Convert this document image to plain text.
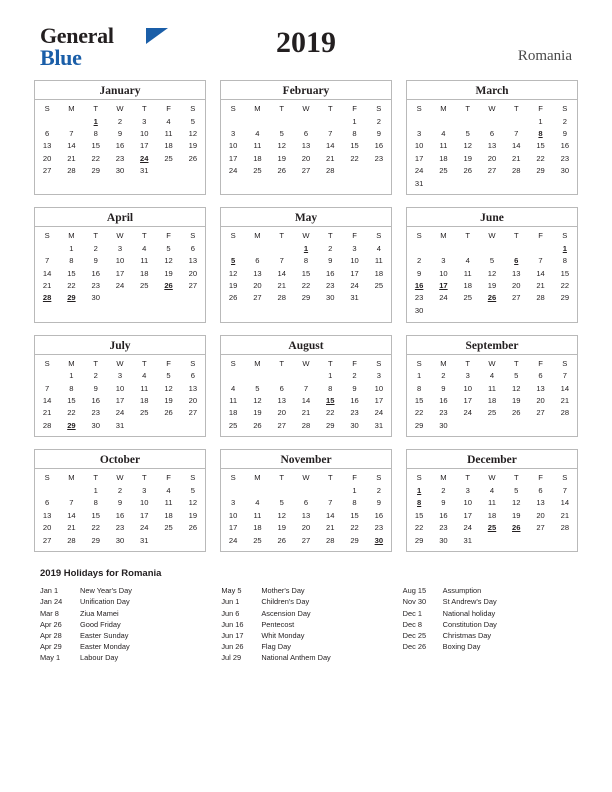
General
Blue	2019	Romania
January
S	M	T	W	T	F	S
		1	2	3	4	5
6	7	8	9	10	11	12
13	14	15	16	17	18	19
20	21	22	23	24	25	26
27	28	29	30	31		
February
S	M	T	W	T	F	S
					1	2
3	4	5	6	7	8	9
10	11	12	13	14	15	16
17	18	19	20	21	22	23
24	25	26	27	28		
March
S	M	T	W	T	F	S
					1	2
3	4	5	6	7	8	9
10	11	12	13	14	15	16
17	18	19	20	21	22	23
24	25	26	27	28	29	30
31						
April
S	M	T	W	T	F	S
	1	2	3	4	5	6
7	8	9	10	11	12	13
14	15	16	17	18	19	20
21	22	23	24	25	26	27
28	29	30				
May
S	M	T	W	T	F	S
			1	2	3	4
5	6	7	8	9	10	11
12	13	14	15	16	17	18
19	20	21	22	23	24	25
26	27	28	29	30	31	
June
S	M	T	W	T	F	S
						1
2	3	4	5	6	7	8
9	10	11	12	13	14	15
16	17	18	19	20	21	22
23	24	25	26	27	28	29
30						
July
S	M	T	W	T	F	S
	1	2	3	4	5	6
7	8	9	10	11	12	13
14	15	16	17	18	19	20
21	22	23	24	25	26	27
28	29	30	31			
August
S	M	T	W	T	F	S
				1	2	3
4	5	6	7	8	9	10
11	12	13	14	15	16	17
18	19	20	21	22	23	24
25	26	27	28	29	30	31
September
S	M	T	W	T	F	S
1	2	3	4	5	6	7
8	9	10	11	12	13	14
15	16	17	18	19	20	21
22	23	24	25	26	27	28
29	30					
October
S	M	T	W	T	F	S
		1	2	3	4	5
6	7	8	9	10	11	12
13	14	15	16	17	18	19
20	21	22	23	24	25	26
27	28	29	30	31		
November
S	M	T	W	T	F	S
					1	2
3	4	5	6	7	8	9
10	11	12	13	14	15	16
17	18	19	20	21	22	23
24	25	26	27	28	29	30
December
S	M	T	W	T	F	S
1	2	3	4	5	6	7
8	9	10	11	12	13	14
15	16	17	18	19	20	21
22	23	24	25	26	27	28
29	30	31				
2019 Holidays for Romania
Jan 1	New Year's Day
Jan 24	Unification Day
Mar 8	Ziua Mamei
Apr 26	Good Friday
Apr 28	Easter Sunday
Apr 29	Easter Monday
May 1	Labour Day
May 5	Mother's Day
Jun 1	Children's Day
Jun 6	Ascension Day
Jun 16	Pentecost
Jun 17	Whit Monday
Jun 26	Flag Day
Jul 29	National Anthem Day
Aug 15	Assumption
Nov 30	St Andrew's Day
Dec 1	National holiday
Dec 8	Constitution Day
Dec 25	Christmas Day
Dec 26	Boxing Day
